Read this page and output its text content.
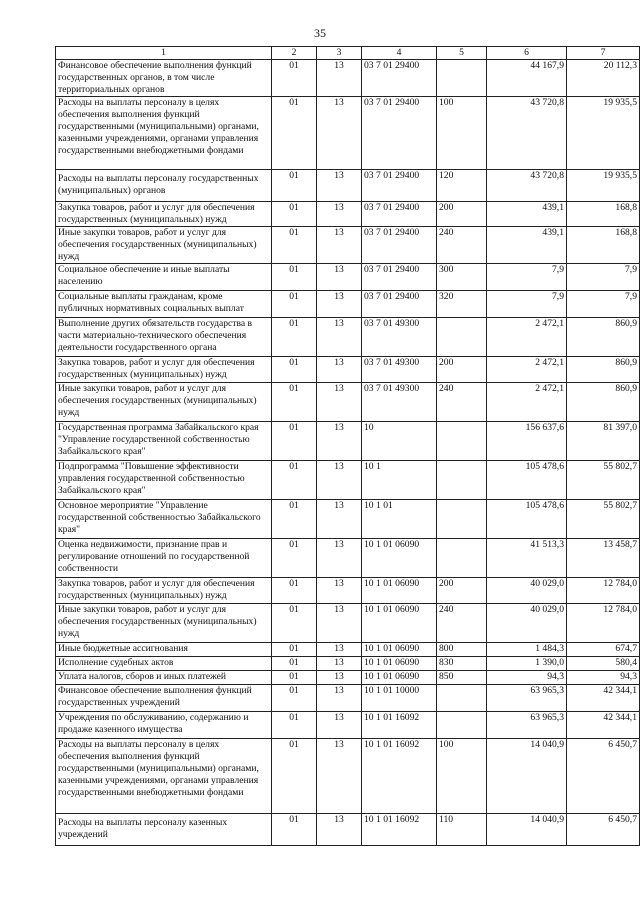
35
1	2	3	4	5	6	7

Финансовое обеспечение выполнения функций государственных органов, в том числе территориальных органов	01	13	03 7 01 29400		44 167,9	20 112,3

Расходы на выплаты персоналу в целях обеспечения выполнения функций государственными (муниципальными) органами, казенными учреждениями, органами управления государственными внебюджетными фондами	01	13	03 7 01 29400	100	43 720,8	19 935,5

Расходы на выплаты персоналу государственных (муниципальных) органов	01	13	03 7 01 29400	120	43 720,8	19 935,5

Закупка товаров, работ и услуг для обеспечения государственных (муниципальных) нужд	01	13	03 7 01 29400	200	439,1	168,8

Иные закупки товаров, работ и услуг для обеспечения государственных (муниципальных) нужд	01	13	03 7 01 29400	240	439,1	168,8

Социальное обеспечение и иные выплаты населению	01	13	03 7 01 29400	300	7,9	7,9

Социальные выплаты гражданам, кроме публичных нормативных социальных выплат	01	13	03 7 01 29400	320	7,9	7,9

Выполнение других обязательств государства в части материально-технического обеспечения деятельности государственного органа	01	13	03 7 01 49300		2 472,1	860,9

Закупка товаров, работ и услуг для обеспечения государственных (муниципальных) нужд	01	13	03 7 01 49300	200	2 472,1	860,9

Иные закупки товаров, работ и услуг для обеспечения государственных (муниципальных) нужд	01	13	03 7 01 49300	240	2 472,1	860,9

Государственная программа Забайкальского края "Управление государственной собственностью Забайкальского края"	01	13	10		156 637,6	81 397,0

Подпрограмма "Повышение эффективности управления государственной собственностью Забайкальского края"	01	13	10 1		105 478,6	55 802,7

Основное мероприятие "Управление государственной собственностью Забайкальского края"	01	13	10 1 01		105 478,6	55 802,7

Оценка недвижимости, признание прав и регулирование отношений по государственной собственности	01	13	10 1 01 06090		41 513,3	13 458,7

Закупка товаров, работ и услуг для обеспечения государственных (муниципальных) нужд	01	13	10 1 01 06090	200	40 029,0	12 784,0

Иные закупки товаров, работ и услуг для обеспечения государственных (муниципальных) нужд	01	13	10 1 01 06090	240	40 029,0	12 784,0

Иные бюджетные ассигнования	01	13	10 1 01 06090	800	1 484,3	674,7

Исполнение судебных актов	01	13	10 1 01 06090	830	1 390,0	580,4

Уплата налогов, сборов и иных платежей	01	13	10 1 01 06090	850	94,3	94,3

Финансовое обеспечение выполнения функций государственных учреждений	01	13	10 1 01 10000		63 965,3	42 344,1

Учреждения по обслуживанию, содержанию и продаже казенного имущества	01	13	10 1 01 16092		63 965,3	42 344,1

Расходы на выплаты персоналу в целях обеспечения выполнения функций государственными (муниципальными) органами, казенными учреждениями, органами управления государственными внебюджетными фондами	01	13	10 1 01 16092	100	14 040,9	6 450,7

Расходы на выплаты персоналу казенных учреждений	01	13	10 1 01 16092	110	14 040,9	6 450,7
